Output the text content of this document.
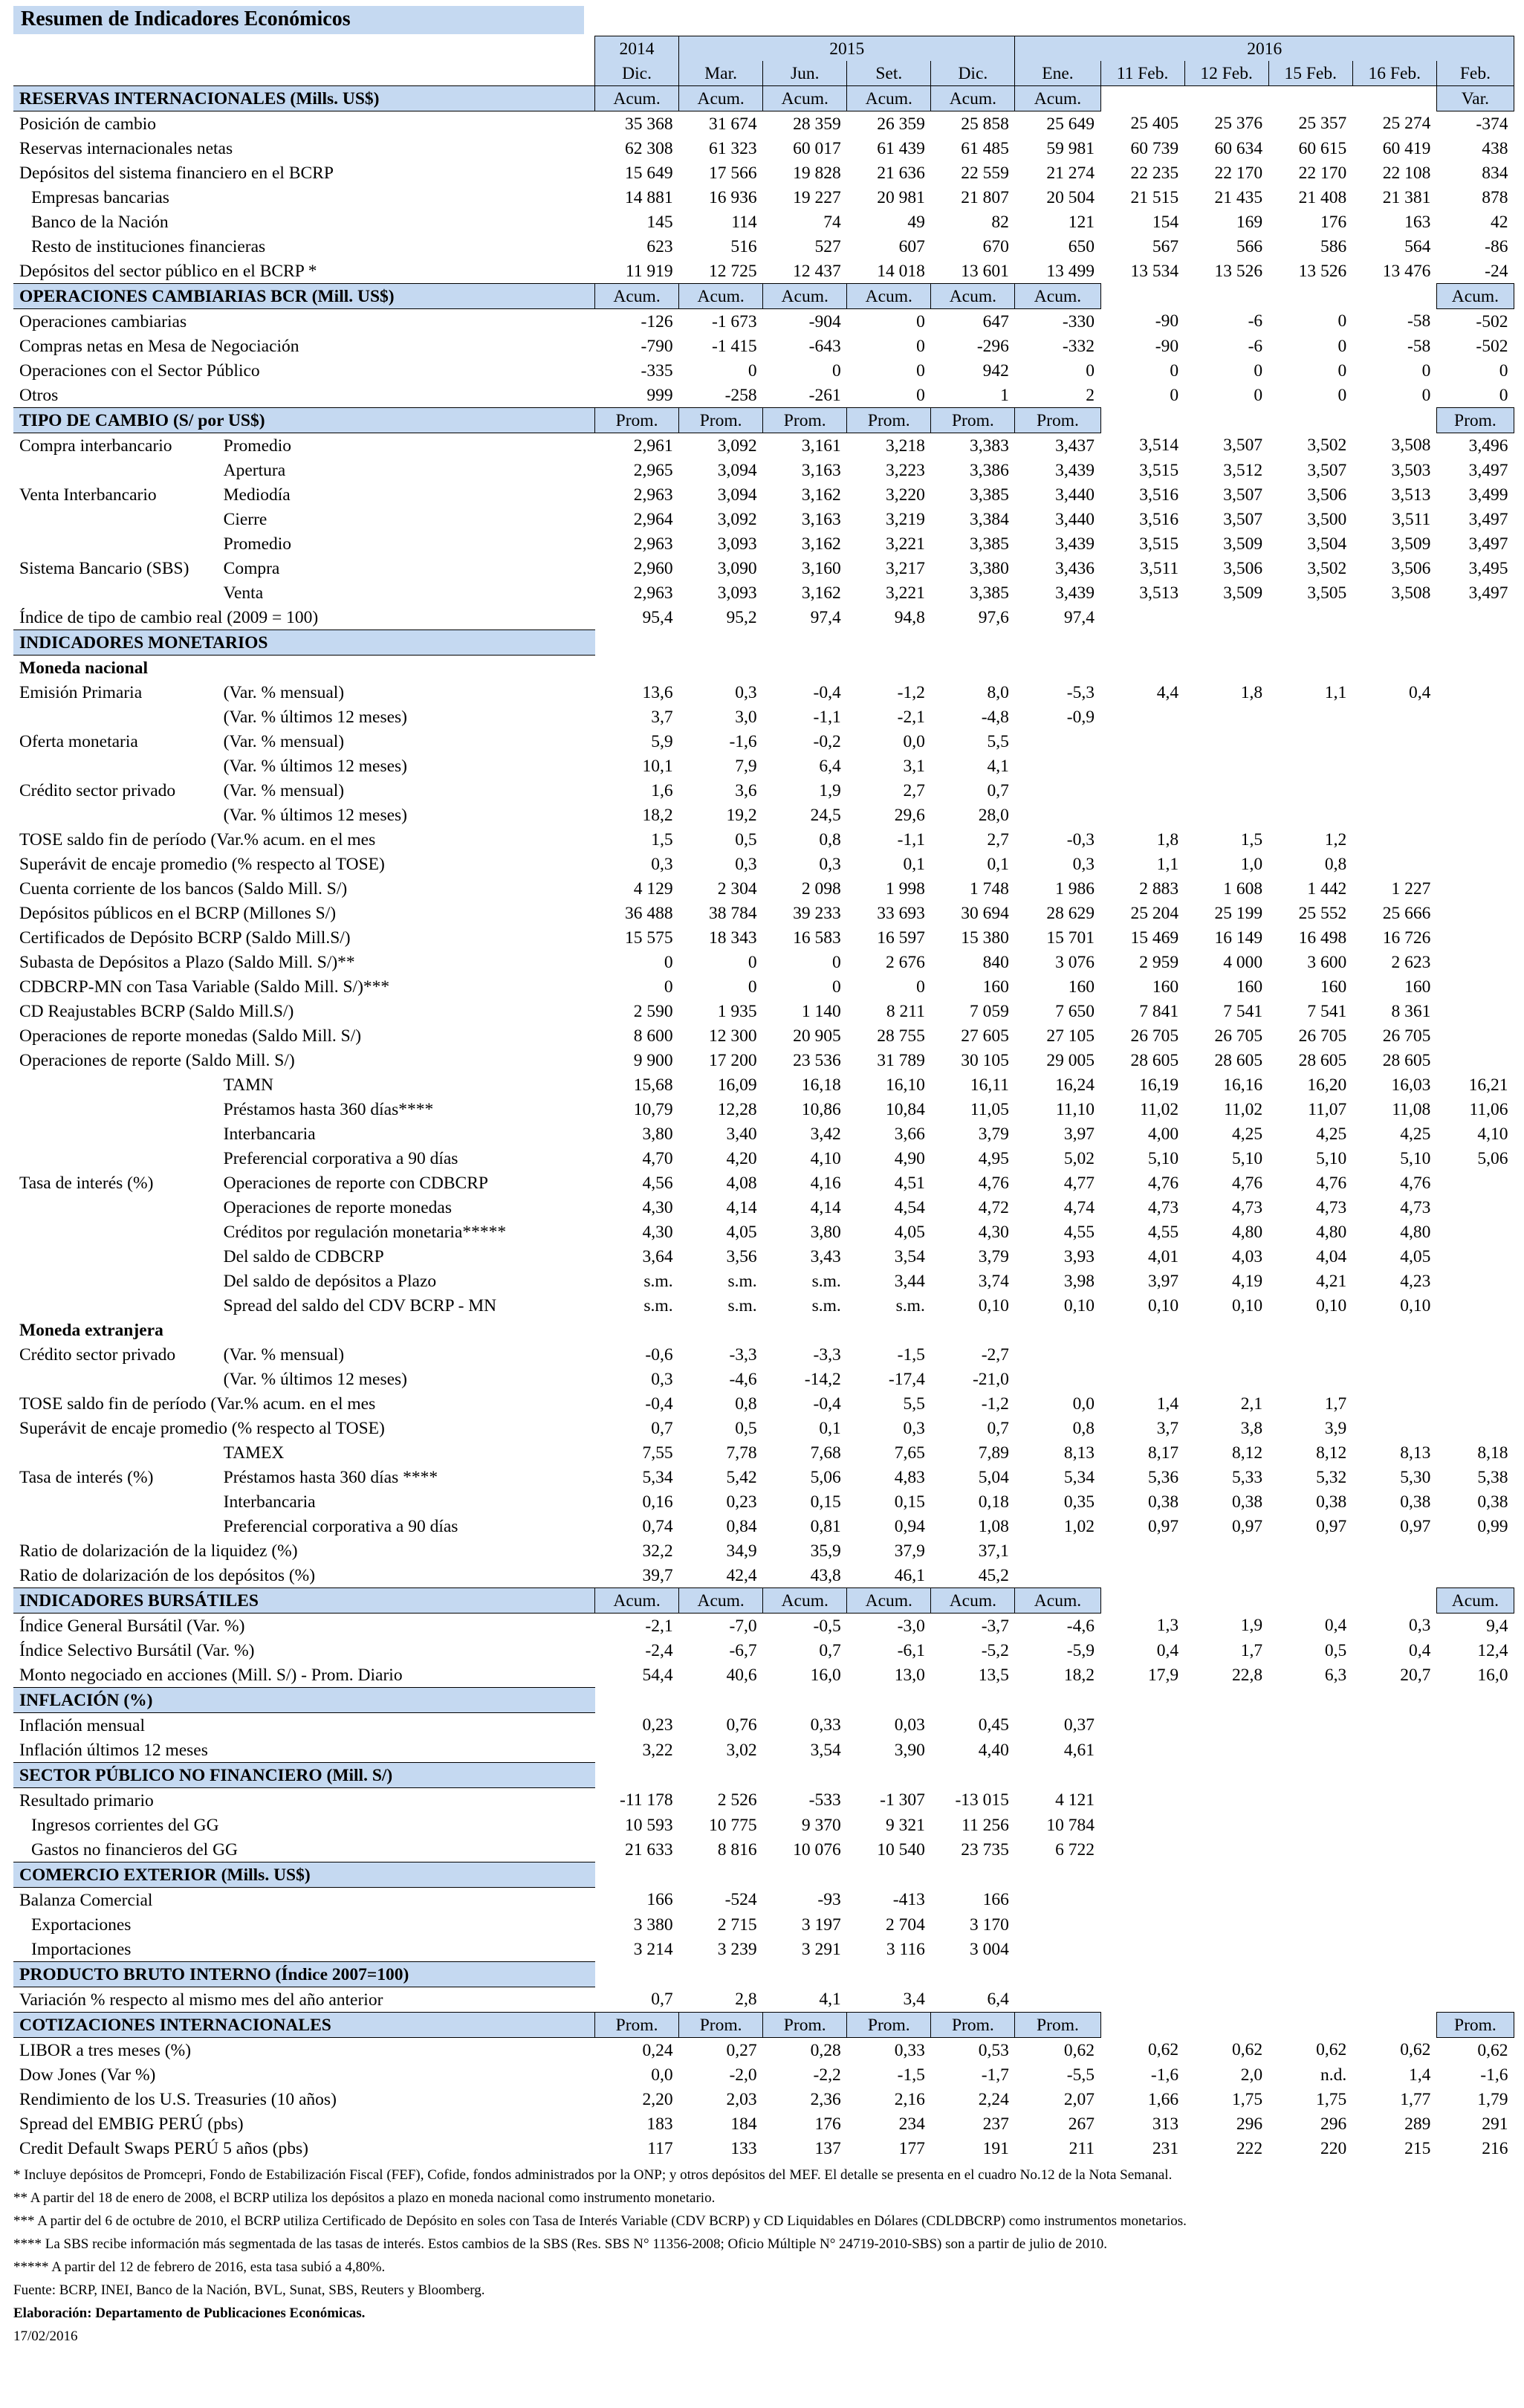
Resumen de Indicadores Económicos
		2014	2015				2016					
		Dic.	Mar.	Jun.	Set.	Dic.	Ene.	11 Feb.	12 Feb.	15 Feb.	16 Feb.	Feb.
RESERVAS INTERNACIONALES (Mills. US$)		Acum.	Acum.	Acum.	Acum.	Acum.	Acum.					Var.
Posición de cambio		35 368	31 674	28 359	26 359	25 858	25 649	25 405	25 376	25 357	25 274	-374
Reservas internacionales netas		62 308	61 323	60 017	61 439	61 485	59 981	60 739	60 634	60 615	60 419	438
Depósitos del sistema financiero en el BCRP		15 649	17 566	19 828	21 636	22 559	21 274	22 235	22 170	22 170	22 108	834
Empresas bancarias		14 881	16 936	19 227	20 981	21 807	20 504	21 515	21 435	21 408	21 381	878
Banco de la Nación		145	114	74	49	82	121	154	169	176	163	42
Resto de instituciones financieras		623	516	527	607	670	650	567	566	586	564	-86
Depósitos del sector público en el BCRP *		11 919	12 725	12 437	14 018	13 601	13 499	13 534	13 526	13 526	13 476	-24
OPERACIONES CAMBIARIAS BCR (Mill. US$)		Acum.	Acum.	Acum.	Acum.	Acum.	Acum.					Acum.
Operaciones cambiarias		-126	-1 673	-904	0	647	-330	-90	-6	0	-58	-502
Compras netas en Mesa de Negociación		-790	-1 415	-643	0	-296	-332	-90	-6	0	-58	-502
Operaciones con el Sector Público		-335	0	0	0	942	0	0	0	0	0	0
Otros		999	-258	-261	0	1	2	0	0	0	0	0
TIPO DE CAMBIO (S/ por US$)		Prom.	Prom.	Prom.	Prom.	Prom.	Prom.					Prom.
Compra interbancario	Promedio	2,961	3,092	3,161	3,218	3,383	3,437	3,514	3,507	3,502	3,508	3,496
	Apertura	2,965	3,094	3,163	3,223	3,386	3,439	3,515	3,512	3,507	3,503	3,497
Venta Interbancario	Mediodía	2,963	3,094	3,162	3,220	3,385	3,440	3,516	3,507	3,506	3,513	3,499
	Cierre	2,964	3,092	3,163	3,219	3,384	3,440	3,516	3,507	3,500	3,511	3,497
	Promedio	2,963	3,093	3,162	3,221	3,385	3,439	3,515	3,509	3,504	3,509	3,497
Sistema Bancario (SBS)	Compra	2,960	3,090	3,160	3,217	3,380	3,436	3,511	3,506	3,502	3,506	3,495
	Venta	2,963	3,093	3,162	3,221	3,385	3,439	3,513	3,509	3,505	3,508	3,497
Índice de tipo de cambio real (2009 = 100)		95,4	95,2	97,4	94,8	97,6	97,4					
INDICADORES MONETARIOS												
Moneda nacional												
Emisión Primaria	(Var. % mensual)	13,6	0,3	-0,4	-1,2	8,0	-5,3	4,4	1,8	1,1	0,4	
	(Var. % últimos 12 meses)	3,7	3,0	-1,1	-2,1	-4,8	-0,9					
Oferta monetaria	(Var. % mensual)	5,9	-1,6	-0,2	0,0	5,5						
	(Var. % últimos 12 meses)	10,1	7,9	6,4	3,1	4,1						
Crédito sector privado	(Var. % mensual)	1,6	3,6	1,9	2,7	0,7						
	(Var. % últimos 12 meses)	18,2	19,2	24,5	29,6	28,0						
TOSE saldo fin de período (Var.% acum. en el mes		1,5	0,5	0,8	-1,1	2,7	-0,3	1,8	1,5	1,2		
Superávit de encaje promedio (% respecto al TOSE)		0,3	0,3	0,3	0,1	0,1	0,3	1,1	1,0	0,8		
Cuenta corriente de los bancos (Saldo Mill. S/)		4 129	2 304	2 098	1 998	1 748	1 986	2 883	1 608	1 442	1 227	
Depósitos públicos en el BCRP (Millones S/)		36 488	38 784	39 233	33 693	30 694	28 629	25 204	25 199	25 552	25 666	
Certificados de Depósito BCRP (Saldo Mill.S/)		15 575	18 343	16 583	16 597	15 380	15 701	15 469	16 149	16 498	16 726	
Subasta de Depósitos a Plazo (Saldo Mill. S/)**		0	0	0	2 676	840	3 076	2 959	4 000	3 600	2 623	
CDBCRP-MN con Tasa Variable (Saldo Mill. S/)***		0	0	0	0	160	160	160	160	160	160	
CD Reajustables BCRP (Saldo Mill.S/)		2 590	1 935	1 140	8 211	7 059	7 650	7 841	7 541	7 541	8 361	
Operaciones de reporte monedas (Saldo Mill. S/)		8 600	12 300	20 905	28 755	27 605	27 105	26 705	26 705	26 705	26 705	
Operaciones de reporte (Saldo Mill. S/)		9 900	17 200	23 536	31 789	30 105	29 005	28 605	28 605	28 605	28 605	
	TAMN	15,68	16,09	16,18	16,10	16,11	16,24	16,19	16,16	16,20	16,03	16,21
	Préstamos hasta 360 días****	10,79	12,28	10,86	10,84	11,05	11,10	11,02	11,02	11,07	11,08	11,06
	Interbancaria	3,80	3,40	3,42	3,66	3,79	3,97	4,00	4,25	4,25	4,25	4,10
	Preferencial corporativa a 90 días	4,70	4,20	4,10	4,90	4,95	5,02	5,10	5,10	5,10	5,10	5,06
Tasa de interés (%)	Operaciones de reporte con CDBCRP	4,56	4,08	4,16	4,51	4,76	4,77	4,76	4,76	4,76	4,76	
	Operaciones de reporte monedas	4,30	4,14	4,14	4,54	4,72	4,74	4,73	4,73	4,73	4,73	
	Créditos por regulación monetaria*****	4,30	4,05	3,80	4,05	4,30	4,55	4,55	4,80	4,80	4,80	
	Del saldo de CDBCRP	3,64	3,56	3,43	3,54	3,79	3,93	4,01	4,03	4,04	4,05	
	Del saldo de depósitos a Plazo	s.m.	s.m.	s.m.	3,44	3,74	3,98	3,97	4,19	4,21	4,23	
	Spread del saldo del CDV BCRP - MN	s.m.	s.m.	s.m.	s.m.	0,10	0,10	0,10	0,10	0,10	0,10	
Moneda extranjera												
Crédito sector privado	(Var. % mensual)	-0,6	-3,3	-3,3	-1,5	-2,7						
	(Var. % últimos 12 meses)	0,3	-4,6	-14,2	-17,4	-21,0						
TOSE saldo fin de período (Var.% acum. en el mes		-0,4	0,8	-0,4	5,5	-1,2	0,0	1,4	2,1	1,7		
Superávit de encaje promedio (% respecto al TOSE)		0,7	0,5	0,1	0,3	0,7	0,8	3,7	3,8	3,9		
	TAMEX	7,55	7,78	7,68	7,65	7,89	8,13	8,17	8,12	8,12	8,13	8,18
Tasa de interés (%)	Préstamos hasta 360 días ****	5,34	5,42	5,06	4,83	5,04	5,34	5,36	5,33	5,32	5,30	5,38
	Interbancaria	0,16	0,23	0,15	0,15	0,18	0,35	0,38	0,38	0,38	0,38	0,38
	Preferencial corporativa a 90 días	0,74	0,84	0,81	0,94	1,08	1,02	0,97	0,97	0,97	0,97	0,99
Ratio de dolarización de la liquidez (%)		32,2	34,9	35,9	37,9	37,1						
Ratio de dolarización de los depósitos (%)		39,7	42,4	43,8	46,1	45,2						
INDICADORES BURSÁTILES		Acum.	Acum.	Acum.	Acum.	Acum.	Acum.					Acum.
Índice General Bursátil (Var. %)		-2,1	-7,0	-0,5	-3,0	-3,7	-4,6	1,3	1,9	0,4	0,3	9,4
Índice Selectivo Bursátil (Var. %)		-2,4	-6,7	0,7	-6,1	-5,2	-5,9	0,4	1,7	0,5	0,4	12,4
Monto negociado en acciones (Mill. S/) - Prom. Diario		54,4	40,6	16,0	13,0	13,5	18,2	17,9	22,8	6,3	20,7	16,0
INFLACIÓN (%)												
Inflación mensual		0,23	0,76	0,33	0,03	0,45	0,37					
Inflación últimos 12 meses		3,22	3,02	3,54	3,90	4,40	4,61					
SECTOR PÚBLICO NO FINANCIERO (Mill. S/)												
Resultado primario		-11 178	2 526	-533	-1 307	-13 015	4 121					
Ingresos corrientes del GG		10 593	10 775	9 370	9 321	11 256	10 784					
Gastos no financieros del GG		21 633	8 816	10 076	10 540	23 735	6 722					
COMERCIO EXTERIOR (Mills. US$)												
Balanza Comercial		166	-524	-93	-413	166						
Exportaciones		3 380	2 715	3 197	2 704	3 170						
Importaciones		3 214	3 239	3 291	3 116	3 004						
PRODUCTO BRUTO INTERNO (Índice 2007=100)												
Variación % respecto al mismo mes del año anterior		0,7	2,8	4,1	3,4	6,4						
COTIZACIONES INTERNACIONALES		Prom.	Prom.	Prom.	Prom.	Prom.	Prom.					Prom.
LIBOR a tres meses (%)		0,24	0,27	0,28	0,33	0,53	0,62	0,62	0,62	0,62	0,62	0,62
Dow Jones (Var %)		0,0	-2,0	-2,2	-1,5	-1,7	-5,5	-1,6	2,0	n.d.	1,4	-1,6
Rendimiento de los U.S. Treasuries (10 años)		2,20	2,03	2,36	2,16	2,24	2,07	1,66	1,75	1,75	1,77	1,79
Spread del EMBIG PERÚ (pbs)		183	184	176	234	237	267	313	296	296	289	291
Credit Default Swaps PERÚ 5 años (pbs)		117	133	137	177	191	211	231	222	220	215	216
* Incluye depósitos de Promcepri, Fondo de Estabilización Fiscal (FEF), Cofide, fondos administrados por la ONP; y otros depósitos del MEF. El detalle se presenta en el cuadro No.12 de la Nota Semanal.
** A partir del 18 de enero de 2008, el BCRP utiliza los depósitos a plazo en moneda nacional como instrumento monetario.
*** A partir del 6 de octubre de 2010, el BCRP utiliza Certificado de Depósito en soles con Tasa de Interés Variable (CDV BCRP) y CD Liquidables en Dólares (CDLDBCRP) como instrumentos monetarios.
**** La SBS recibe información más segmentada de las tasas de interés. Estos cambios de la SBS (Res. SBS N° 11356-2008; Oficio Múltiple N° 24719-2010-SBS) son a partir de julio de 2010.
***** A partir del 12 de febrero de 2016, esta tasa subió a 4,80%.
Fuente: BCRP, INEI, Banco de la Nación, BVL, Sunat, SBS, Reuters y Bloomberg.
Elaboración: Departamento de Publicaciones Económicas.
17/02/2016
